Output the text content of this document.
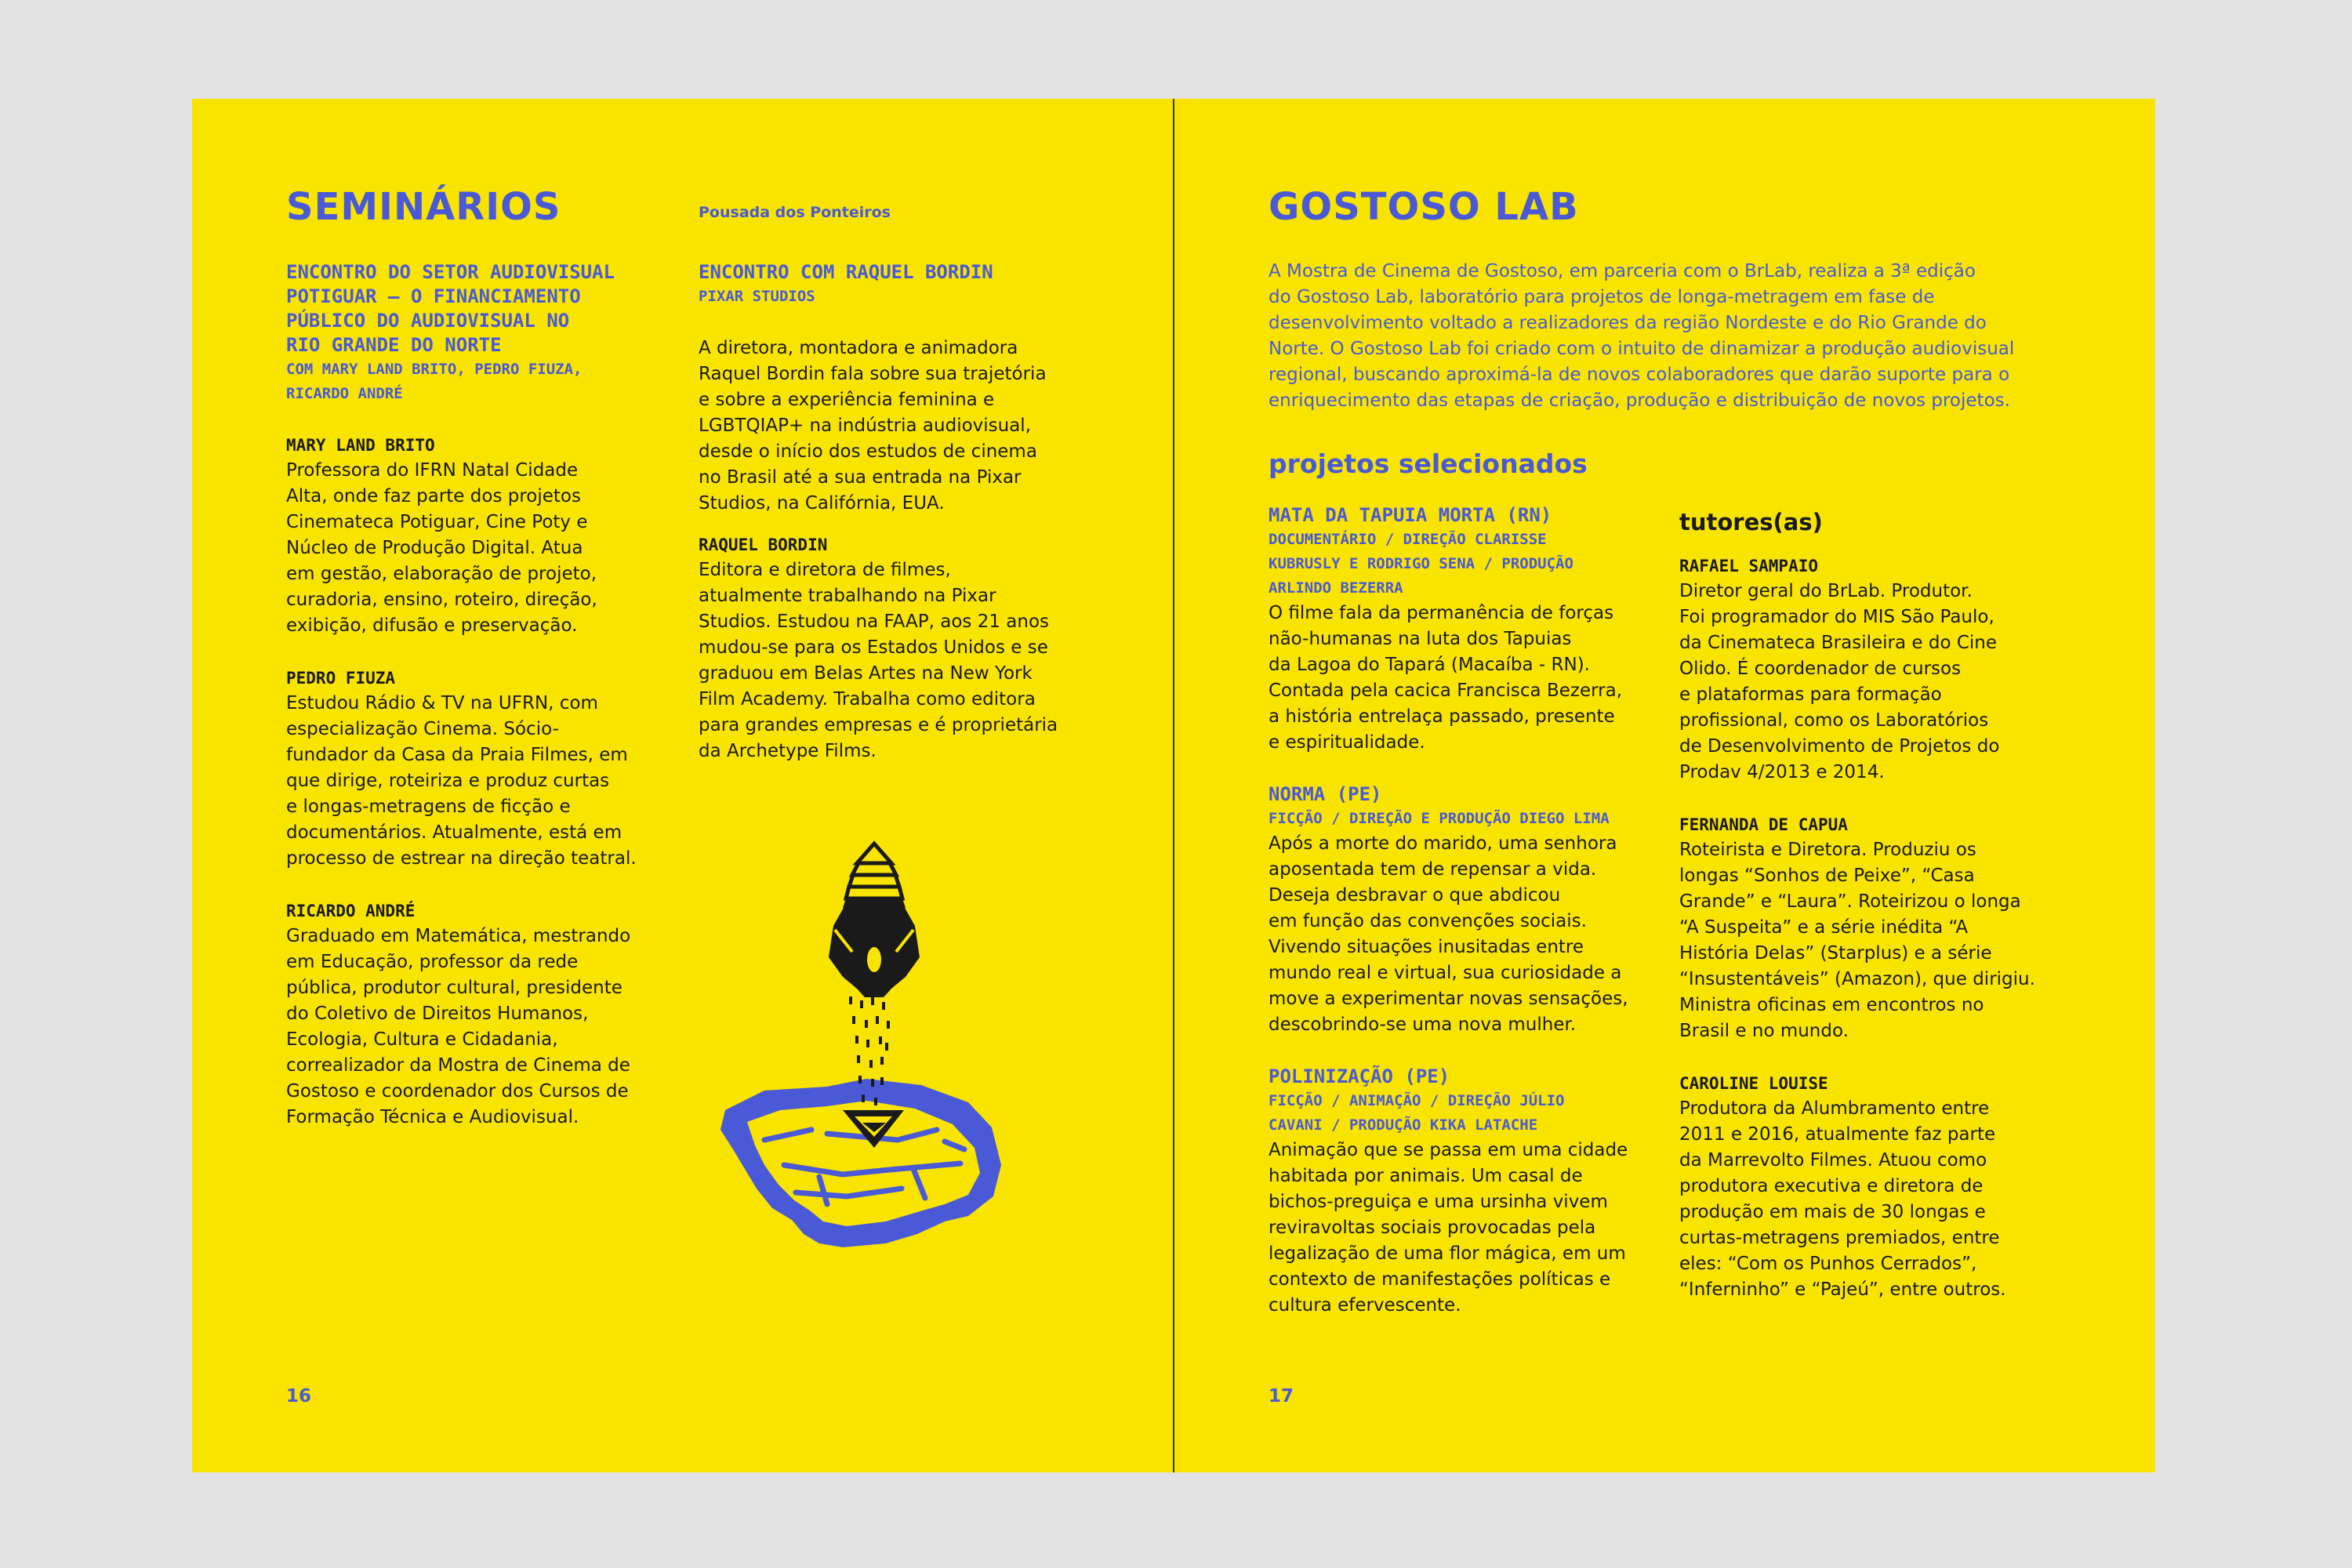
SEMINÁRIOS
ENCONTRO DO SETOR AUDIOVISUAL
POTIGUAR – O FINANCIAMENTO
PÚBLICO DO AUDIOVISUAL NO
RIO GRANDE DO NORTE
COM MARY LAND BRITO, PEDRO FIUZA,
RICARDO ANDRÉ
MARY LAND BRITO
Professora do IFRN Natal Cidade
Alta, onde faz parte dos projetos
Cinemateca Potiguar, Cine Poty e
Núcleo de Produção Digital. Atua
em gestão, elaboração de projeto,
curadoria, ensino, roteiro, direção,
exibição, difusão e preservação.
PEDRO FIUZA
Estudou Rádio & TV na UFRN, com
especialização Cinema. Sócio-
fundador da Casa da Praia Filmes, em
que dirige, roteiriza e produz curtas
e longas-metragens de ficção e
documentários. Atualmente, está em
processo de estrear na direção teatral.
RICARDO ANDRÉ
Graduado em Matemática, mestrando
em Educação, professor da rede
pública, produtor cultural, presidente
do Coletivo de Direitos Humanos,
Ecologia, Cultura e Cidadania,
correalizador da Mostra de Cinema de
Gostoso e coordenador dos Cursos de
Formação Técnica e Audiovisual.
Pousada dos Ponteiros
ENCONTRO COM RAQUEL BORDIN
PIXAR STUDIOS
A diretora, montadora e animadora
Raquel Bordin fala sobre sua trajetória
e sobre a experiência feminina e
LGBTQIAP+ na indústria audiovisual,
desde o início dos estudos de cinema
no Brasil até a sua entrada na Pixar
Studios, na Califórnia, EUA.
RAQUEL BORDIN
Editora e diretora de filmes,
atualmente trabalhando na Pixar
Studios. Estudou na FAAP, aos 21 anos
mudou-se para os Estados Unidos e se
graduou em Belas Artes na New York
Film Academy. Trabalha como editora
para grandes empresas e é proprietária
da Archetype Films.
16
GOSTOSO LAB
A Mostra de Cinema de Gostoso, em parceria com o BrLab, realiza a 3ª edição
do Gostoso Lab, laboratório para projetos de longa-metragem em fase de
desenvolvimento voltado a realizadores da região Nordeste e do Rio Grande do
Norte. O Gostoso Lab foi criado com o intuito de dinamizar a produção audiovisual
regional, buscando aproximá-la de novos colaboradores que darão suporte para o
enriquecimento das etapas de criação, produção e distribuição de novos projetos.
projetos selecionados
MATA DA TAPUIA MORTA (RN)
DOCUMENTÁRIO / DIREÇÃO CLARISSE
KUBRUSLY E RODRIGO SENA / PRODUÇÃO
ARLINDO BEZERRA
O filme fala da permanência de forças
não-humanas na luta dos Tapuias
da Lagoa do Tapará (Macaíba - RN).
Contada pela cacica Francisca Bezerra,
a história entrelaça passado, presente
e espiritualidade.
NORMA (PE)
FICÇÃO / DIREÇÃO E PRODUÇÃO DIEGO LIMA
Após a morte do marido, uma senhora
aposentada tem de repensar a vida.
Deseja desbravar o que abdicou
em função das convenções sociais.
Vivendo situações inusitadas entre
mundo real e virtual, sua curiosidade a
move a experimentar novas sensações,
descobrindo-se uma nova mulher.
POLINIZAÇÃO (PE)
FICÇÃO / ANIMAÇÃO / DIREÇÃO JÚLIO
CAVANI / PRODUÇÃO KIKA LATACHE
Animação que se passa em uma cidade
habitada por animais. Um casal de
bichos-preguiça e uma ursinha vivem
reviravoltas sociais provocadas pela
legalização de uma flor mágica, em um
contexto de manifestações políticas e
cultura efervescente.
tutores(as)
RAFAEL SAMPAIO
Diretor geral do BrLab. Produtor.
Foi programador do MIS São Paulo,
da Cinemateca Brasileira e do Cine
Olido. É coordenador de cursos
e plataformas para formação
profissional, como os Laboratórios
de Desenvolvimento de Projetos do
Prodav 4/2013 e 2014.
FERNANDA DE CAPUA
Roteirista e Diretora. Produziu os
longas “Sonhos de Peixe”, “Casa
Grande” e “Laura”. Roteirizou o longa
“A Suspeita” e a série inédita “A
História Delas” (Starplus) e a série
“Insustentáveis” (Amazon), que dirigiu.
Ministra oficinas em encontros no
Brasil e no mundo.
CAROLINE LOUISE
Produtora da Alumbramento entre
2011 e 2016, atualmente faz parte
da Marrevolto Filmes. Atuou como
produtora executiva e diretora de
produção em mais de 30 longas e
curtas-metragens premiados, entre
eles: “Com os Punhos Cerrados”,
“Inferninho” e “Pajeú”, entre outros.
17
